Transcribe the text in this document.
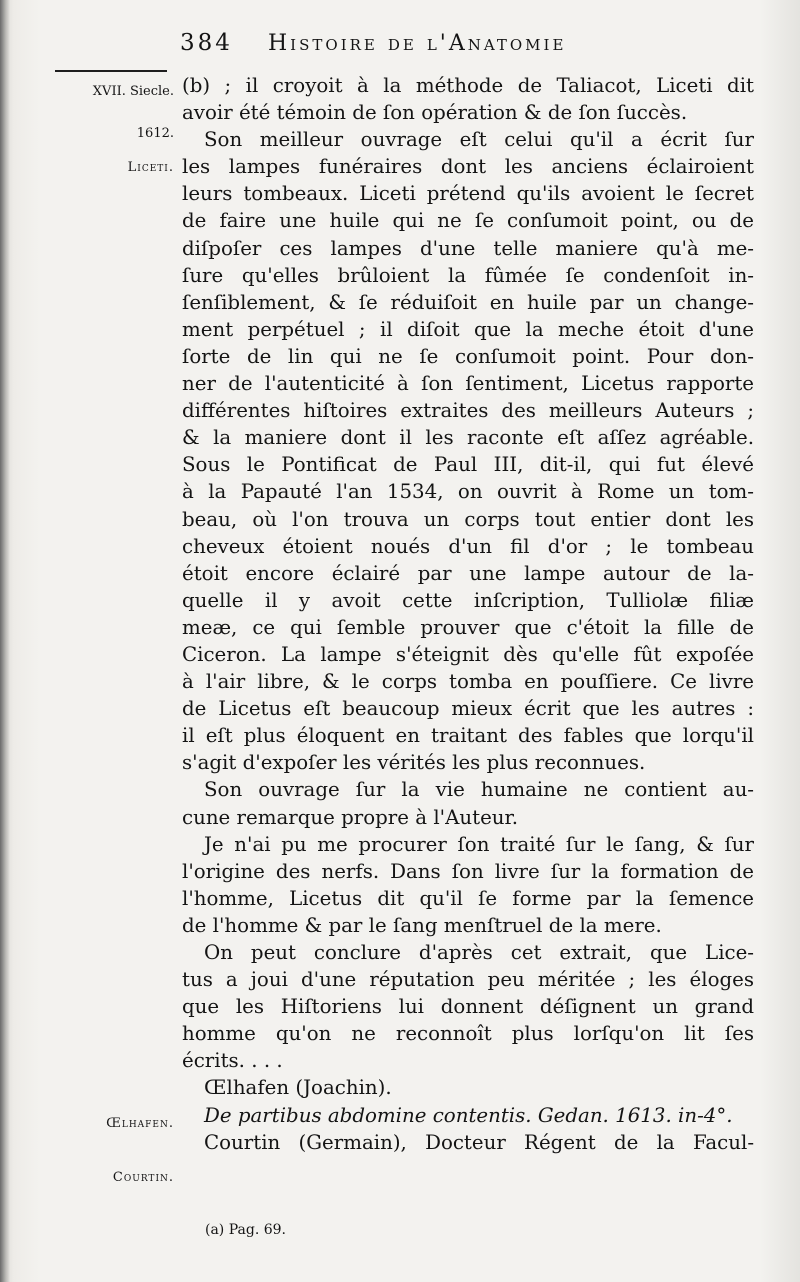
384	Histoire de l'Anatomie
XVII. Siecle.
1612.
Liceti.
Œlhafen.
Courtin.
(b) ; il croyoit à la méthode de Taliacot, Liceti dit
avoir été témoin de ſon opération & de ſon ſuccès.
Son meilleur ouvrage eſt celui qu'il a écrit ſur
les lampes funéraires dont les anciens éclairoient
leurs tombeaux. Liceti prétend qu'ils avoient le ſecret
de faire une huile qui ne ſe conſumoit point, ou de
diſpoſer ces lampes d'une telle maniere qu'à me-
ſure qu'elles brûloient la fûmée ſe condenſoit in-
ſenſiblement, & ſe réduiſoit en huile par un change-
ment perpétuel ; il diſoit que la meche étoit d'une
ſorte de lin qui ne ſe conſumoit point. Pour don-
ner de l'autenticité à ſon ſentiment, Licetus rapporte
différentes hiſtoires extraites des meilleurs Auteurs ;
& la maniere dont il les raconte eſt aſſez agréable.
Sous le Pontificat de Paul III, dit-il, qui fut élevé
à la Papauté l'an 1534, on ouvrit à Rome un tom-
beau, où l'on trouva un corps tout entier dont les
cheveux étoient noués d'un fil d'or ; le tombeau
étoit encore éclairé par une lampe autour de la-
quelle il y avoit cette inſcription, Tulliolæ filiæ
meæ, ce qui ſemble prouver que c'étoit la fille de
Ciceron. La lampe s'éteignit dès qu'elle fût expoſée
à l'air libre, & le corps tomba en pouſſiere. Ce livre
de Licetus eſt beaucoup mieux écrit que les autres :
il eſt plus éloquent en traitant des fables que lorqu'il
s'agit d'expoſer les vérités les plus reconnues.
Son ouvrage ſur la vie humaine ne contient au-
cune remarque propre à l'Auteur.
Je n'ai pu me procurer ſon traité ſur le ſang, & ſur
l'origine des nerfs. Dans ſon livre ſur la formation de
l'homme, Licetus dit qu'il ſe forme par la ſemence
de l'homme & par le ſang menſtruel de la mere.
On peut conclure d'après cet extrait, que Lice-
tus a joui d'une réputation peu méritée ; les éloges
que les Hiſtoriens lui donnent déſignent un grand
homme qu'on ne reconnoît plus lorſqu'on lit ſes
écrits. . . .
Œlhafen (Joachin).
De partibus abdomine contentis. Gedan. 1613. in-4°.
Courtin (Germain), Docteur Régent de la Facul-
(a) Pag. 69.
